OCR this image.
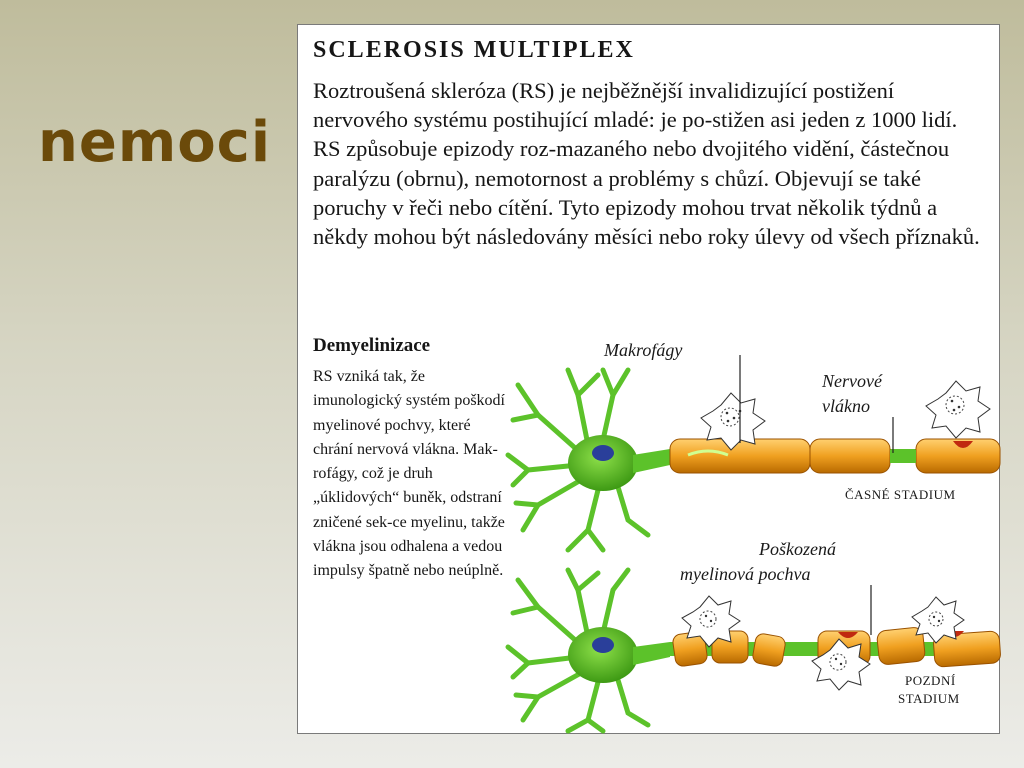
nemoci
SCLEROSIS MULTIPLEX

Roztroušená skleróza (RS) je nejběžnější invalidizující postižení nervového systému postihující mladé: je po-stižen asi jeden z 1000 lidí. RS způsobuje epizody roz-mazaného nebo dvojitého vidění, částečnou paralýzu (obrnu), nemotornost a problémy s chůzí. Objevují se také poruchy v řeči nebo cítění. Tyto epizody mohou trvat několik týdnů a někdy mohou být následovány měsíci nebo roky úlevy od všech příznaků.

Demyelinizace

RS vzniká tak, že imunologický systém poškodí myelinové pochvy, které chrání nervová vlákna. Mak-rofágy, což je druh „úklidových“ buněk, odstraní zničené sek-ce myelinu, takže vlákna jsou odhalena a vedou impulsy špatně nebo neúplně.

Makrofágy
Nervové
vlákno
ČASNÉ STADIUM
Poškozená
myelinová pochva
POZDNÍ
STADIUM
